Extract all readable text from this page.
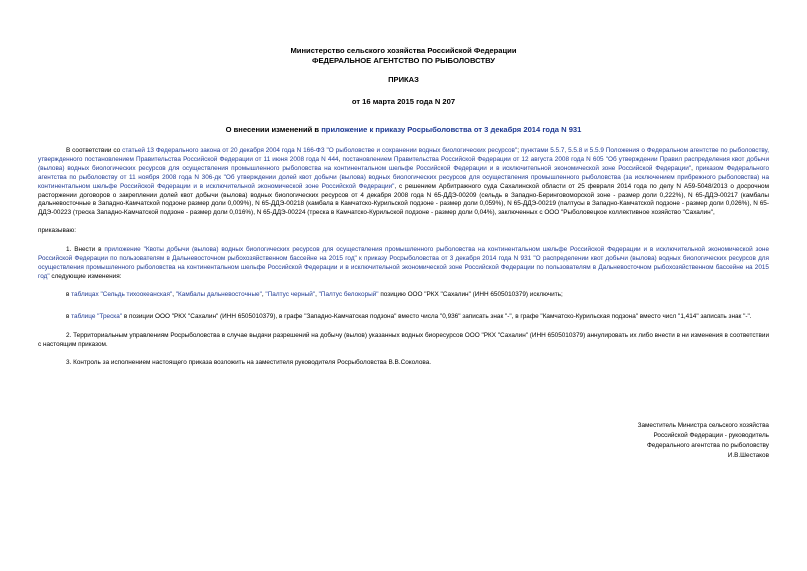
Министерство сельского хозяйства Российской Федерации
ФЕДЕРАЛЬНОЕ АГЕНТСТВО ПО РЫБОЛОВСТВУ
ПРИКАЗ
от 16 марта 2015 года N 207
О внесении изменений в приложение к приказу Росрыболовства от 3 декабря 2014 года N 931

В соответствии со статьей 13 Федерального закона от 20 декабря 2004 года N 166-ФЗ "О рыболовстве и сохранении водных биологических ресурсов"; пунктами 5.5.7, 5.5.8 и 5.5.9 Положения о Федеральном агентстве по рыболовству, утвержденного постановлением Правительства Российской Федерации от 11 июня 2008 года N 444, постановлением Правительства Российской Федерации от 12 августа 2008 года N 605 "Об утверждении Правил распределения квот добычи (вылова) водных биологических ресурсов для осуществления промышленного рыболовства на континентальном шельфе Российской Федерации и в исключительной экономической зоне Российской Федерации", приказом Федерального агентства по рыболовству от 11 ноября 2008 года N 306-дк "Об утверждении долей квот добычи (вылова) водных биологических ресурсов для осуществления промышленного рыболовства (за исключением прибрежного рыболовства) на континентальном шельфе Российской Федерации и в исключительной экономической зоне Российской Федерации", с решением Арбитражного суда Сахалинской области от 25 февраля 2014 года по делу N А59-5048/2013 о досрочном расторжении договоров о закреплении долей квот добычи (вылова) водных биологических ресурсов от 4 декабря 2008 года N 65-ДДЭ-00209 (сельдь в Западно-Беринговоморской зоне - размер доли 0,222%), N 65-ДДЭ-00217 (камбалы дальневосточные в Западно-Камчатской подзоне размер доли 0,009%), N 65-ДДЭ-00218 (камбала в Камчатско-Курильской подзоне - размер доли 0,059%), N 65-ДДЭ-00219 (палтусы в Западно-Камчатской подзоне - размер доли 0,026%), N 65-ДДЭ-00223 (треска Западно-Камчатской подзоне - размер доли 0,016%), N 65-ДДЭ-00224 (треска в Камчатско-Курильской подзоне - размер доли 0,04%), заключенных с ООО "Рыболовецкое коллективное хозяйство "Сахалин",

приказываю:

1. Внести в приложение "Квоты добычи (вылова) водных биологических ресурсов для осуществления промышленного рыболовства на континентальном шельфе Российской Федерации и в исключительной экономической зоне Российской Федерации по пользователям в Дальневосточном рыбохозяйственном бассейне на 2015 год" к приказу Росрыболовства от 3 декабря 2014 года N 931 "О распределении квот добычи (вылова) водных биологических ресурсов для осуществления промышленного рыболовства на континентальном шельфе Российской Федерации и в исключительной экономической зоне Российской Федерации по пользователям в Дальневосточном рыбохозяйственном бассейне на 2015 год" следующие изменения:

в таблицах "Сельдь тихоокеанская", "Камбалы дальневосточные", "Палтус черный", "Палтус белокорый" позицию ООО "РКХ "Сахалин" (ИНН 6505010379) исключить;

в таблице "Треска" в позиции ООО "РКХ "Сахалин" (ИНН 6505010379), в графе "Западно-Камчатская подзона" вместо числа "0,936" записать знак "-", в графе "Камчатско-Курильская подзона" вместо числ "1,414" записать знак "-".

2. Территориальным управлениям Росрыболовства в случае выдачи разрешений на добычу (вылов) указанных водных биоресурсов ООО "РКХ "Сахалин" (ИНН 6505010379) аннулировать их либо внести в ни изменения в соответствии с настоящим приказом.

3. Контроль за исполнением настоящего приказа возложить на заместителя руководителя Росрыболовства В.В.Соколова.

Заместитель Министра сельского хозяйства
Российской Федерации - руководитель
Федерального агентства по рыболовству
И.В.Шестаков
